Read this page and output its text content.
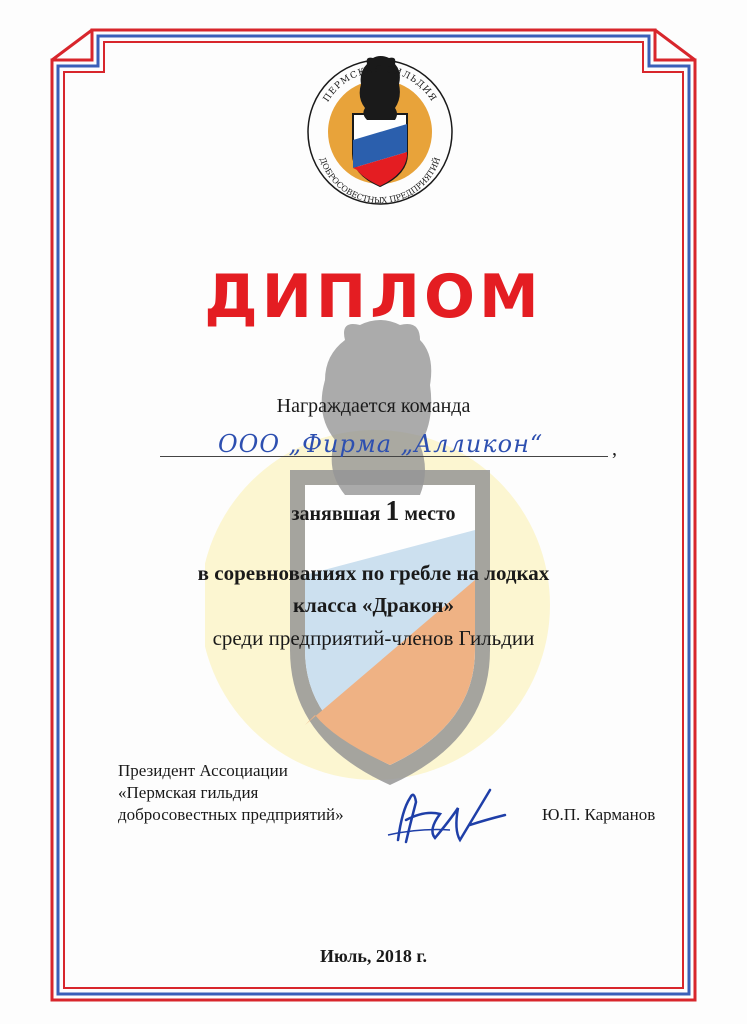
ПЕРМСКАЯ ГИЛЬДИЯ
ДОБРОСОВЕСТНЫХ ПРЕДПРИЯТИЙ
ДИПЛОМ
Награждается команда
ООО „Фирма „Алликон“	,
занявшая 1 место
в соревнованиях по гребле на лодках
класса «Дракон»
среди предприятий-членов Гильдии
Президент Ассоциации
«Пермская гильдия
добросовестных предприятий»	Ю.П. Карманов
Июль, 2018 г.
